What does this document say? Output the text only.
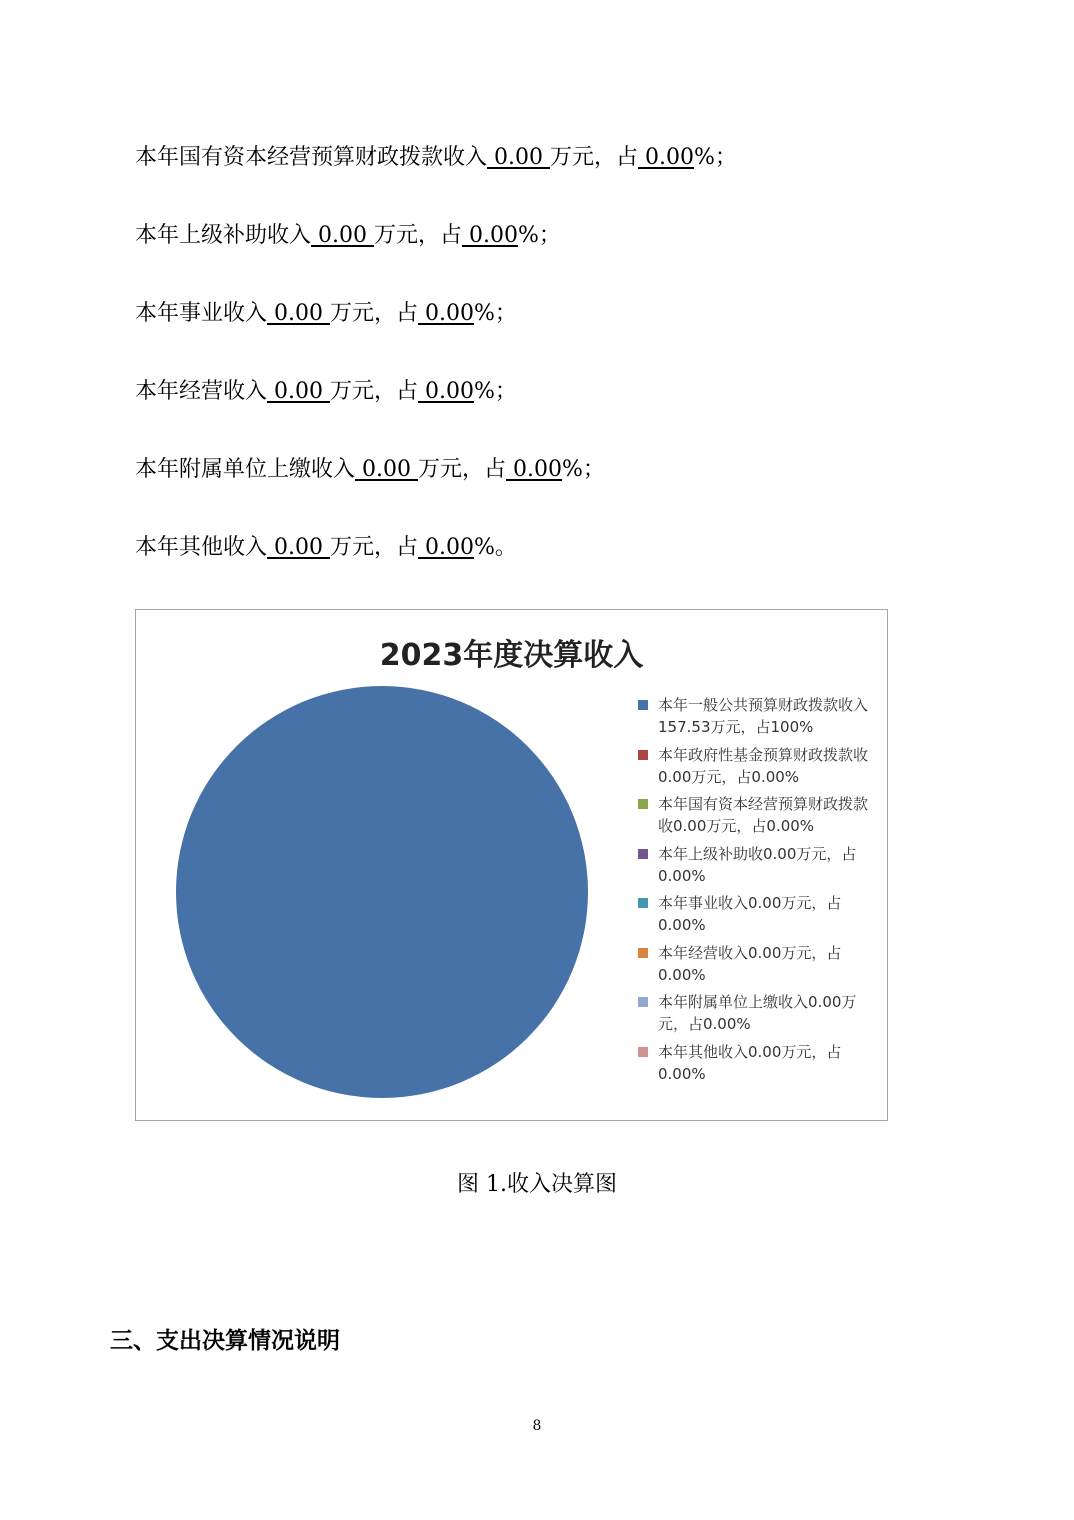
本年国有资本经营预算财政拨款收入 0.00 万元，占 0.00%；
本年上级补助收入 0.00 万元，占 0.00%；
本年事业收入 0.00 万元，占 0.00%；
本年经营收入 0.00 万元，占 0.00%；
本年附属单位上缴收入 0.00 万元，占 0.00%；
本年其他收入 0.00 万元，占 0.00%。
2023年度决算收入
本年一般公共预算财政拨款收入157.53万元，占100%
本年政府性基金预算财政拨款收0.00万元，占0.00%
本年国有资本经营预算财政拨款收0.00万元，占0.00%
本年上级补助收0.00万元，占0.00%
本年事业收入0.00万元，占0.00%
本年经营收入0.00万元，占0.00%
本年附属单位上缴收入0.00万元，占0.00%
本年其他收入0.00万元，占0.00%
图 1.收入决算图
三、支出决算情况说明
8
